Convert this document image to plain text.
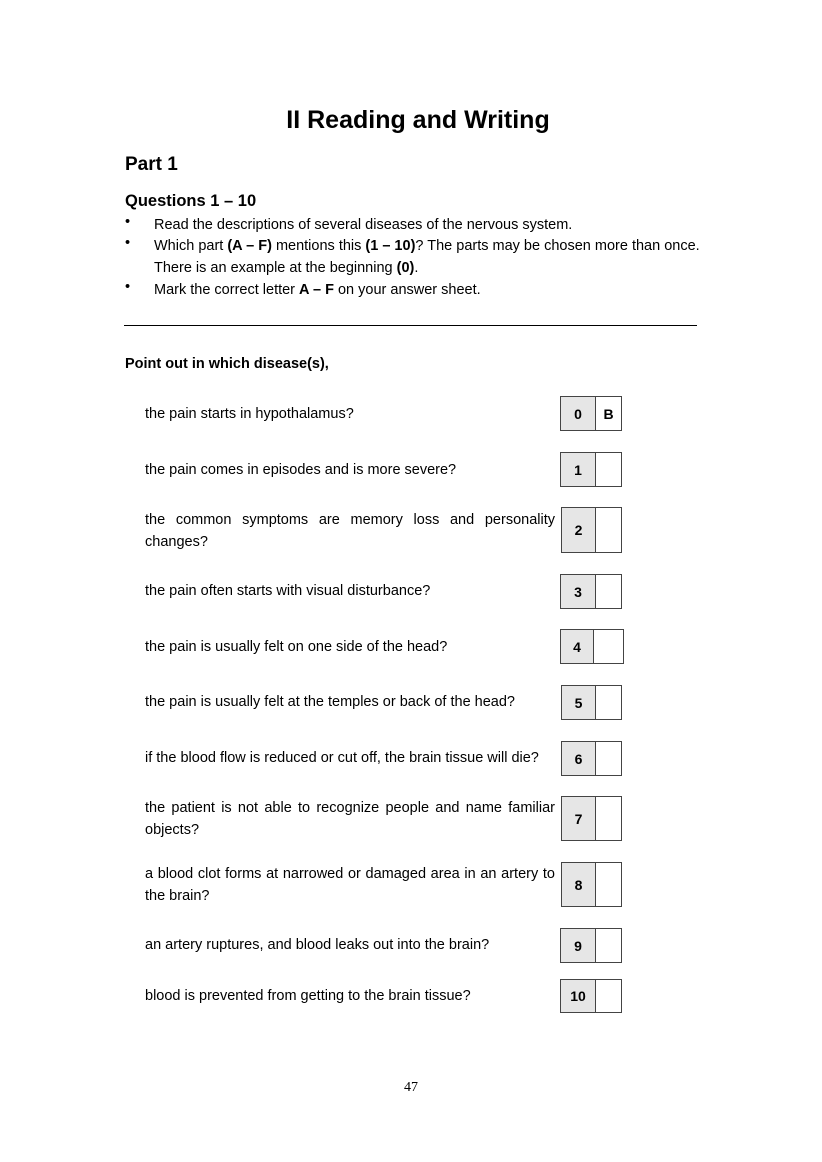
II Reading and Writing
Part 1
Questions 1 – 10
• Read the descriptions of several diseases of the nervous system.
• Which part (A – F) mentions this (1 – 10)? The parts may be chosen more than once.
There is an example at the beginning (0).
• Mark the correct letter A – F on your answer sheet.

Point out in which disease(s),

the pain starts in hypothalamus?	0	B
the pain comes in episodes and is more severe?	1
the common symptoms are memory loss and personality changes?
2
the pain often starts with visual disturbance?	3
the pain is usually felt on one side of the head?	4
the pain is usually felt at the temples or back of the head?	5
if the blood flow is reduced or cut off, the brain tissue will die?	6
the patient is not able to recognize people and name familiar objects?
7
a blood clot forms at narrowed or damaged area in an artery to the brain?
8
an artery ruptures, and blood leaks out into the brain?	9
blood is prevented from getting to the brain tissue?	10

47
